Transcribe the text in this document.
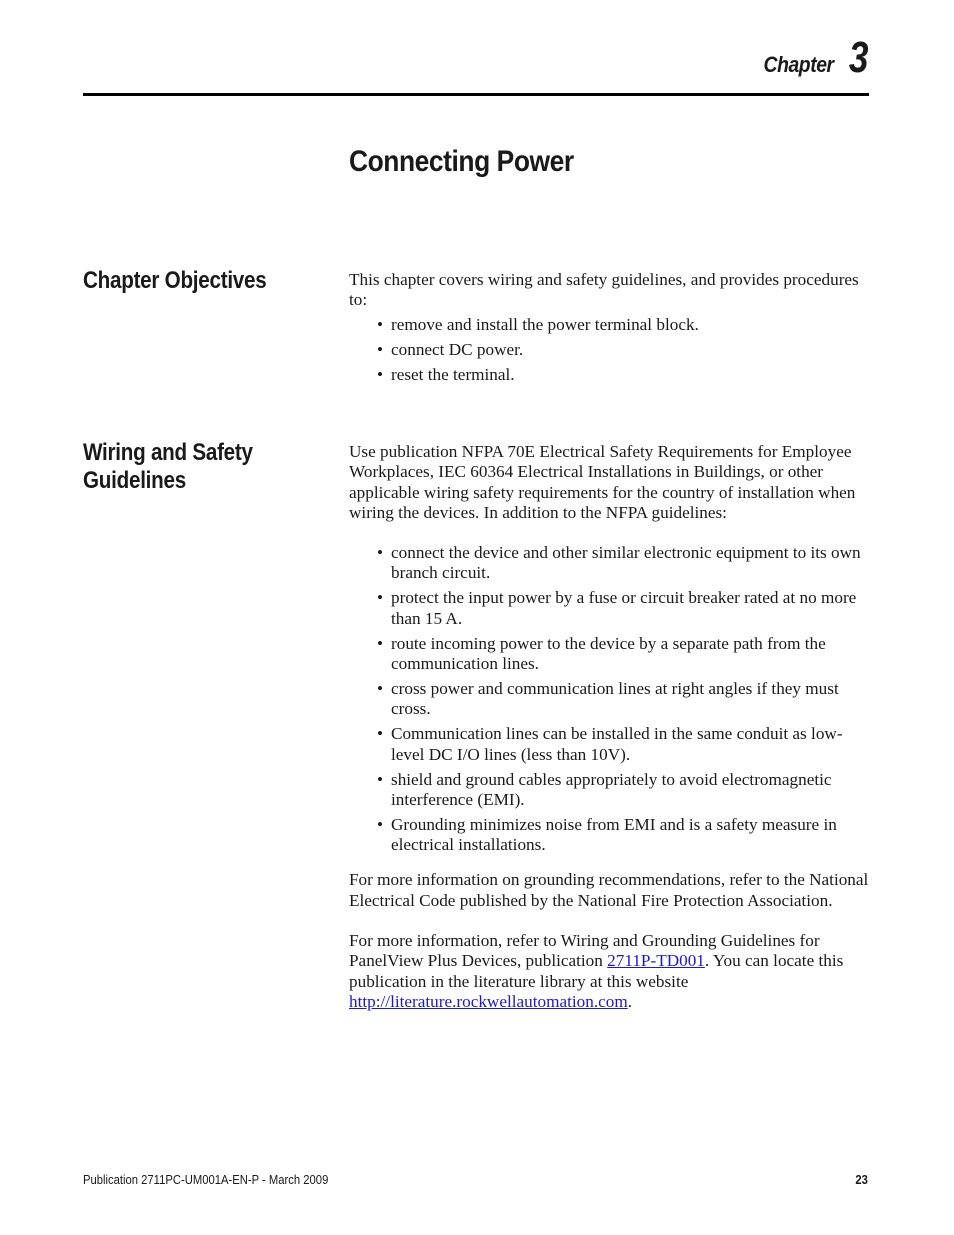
Chapter 3
Connecting Power
Chapter Objectives	This chapter covers wiring and safety guidelines, and provides procedures to:

• remove and install the power terminal block.
• connect DC power.
• reset the terminal.
Wiring and Safety Guidelines

Use publication NFPA 70E Electrical Safety Requirements for Employee Workplaces, IEC 60364 Electrical Installations in Buildings, or other applicable wiring safety requirements for the country of installation when wiring the devices. In addition to the NFPA guidelines:

• connect the device and other similar electronic equipment to its own branch circuit.
• protect the input power by a fuse or circuit breaker rated at no more than 15 A.
• route incoming power to the device by a separate path from the communication lines.
• cross power and communication lines at right angles if they must cross.
• Communication lines can be installed in the same conduit as low-level DC I/O lines (less than 10V).
• shield and ground cables appropriately to avoid electromagnetic interference (EMI).
• Grounding minimizes noise from EMI and is a safety measure in electrical installations.

For more information on grounding recommendations, refer to the National Electrical Code published by the National Fire Protection Association.

For more information, refer to Wiring and Grounding Guidelines for PanelView Plus Devices, publication 2711P-TD001. You can locate this publication in the literature library at this website http://literature.rockwellautomation.com.

Publication 2711PC-UM001A-EN-P - March 2009	23
